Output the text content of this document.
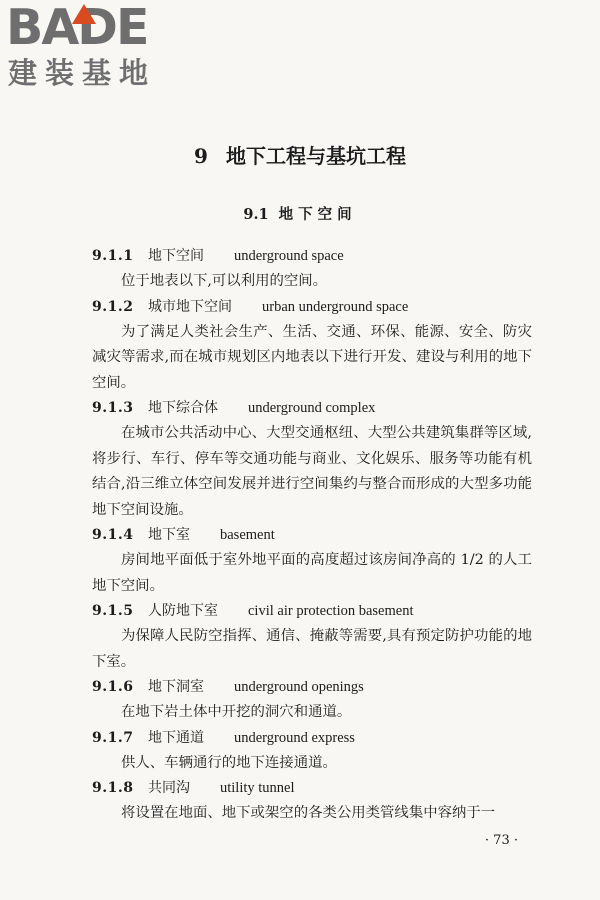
BADE
建装基地
9 地下工程与基坑工程
9.1 地下空间
9.1.1 地下空间 underground space

位于地表以下,可以利用的空间。

9.1.2 城市地下空间 urban underground space

为了满足人类社会生产、生活、交通、环保、能源、安全、防灾减灾等需求,而在城市规划区内地表以下进行开发、建设与利用的地下空间。

9.1.3 地下综合体 underground complex

在城市公共活动中心、大型交通枢纽、大型公共建筑集群等区域,将步行、车行、停车等交通功能与商业、文化娱乐、服务等功能有机结合,沿三维立体空间发展并进行空间集约与整合而形成的大型多功能地下空间设施。

9.1.4 地下室 basement

房间地平面低于室外地平面的高度超过该房间净高的 1/2 的人工地下空间。

9.1.5 人防地下室 civil air protection basement

为保障人民防空指挥、通信、掩蔽等需要,具有预定防护功能的地下室。

9.1.6 地下洞室 underground openings

在地下岩土体中开挖的洞穴和通道。

9.1.7 地下通道 underground express

供人、车辆通行的地下连接通道。

9.1.8 共同沟 utility tunnel

将设置在地面、地下或架空的各类公用类管线集中容纳于一

· 73 ·
